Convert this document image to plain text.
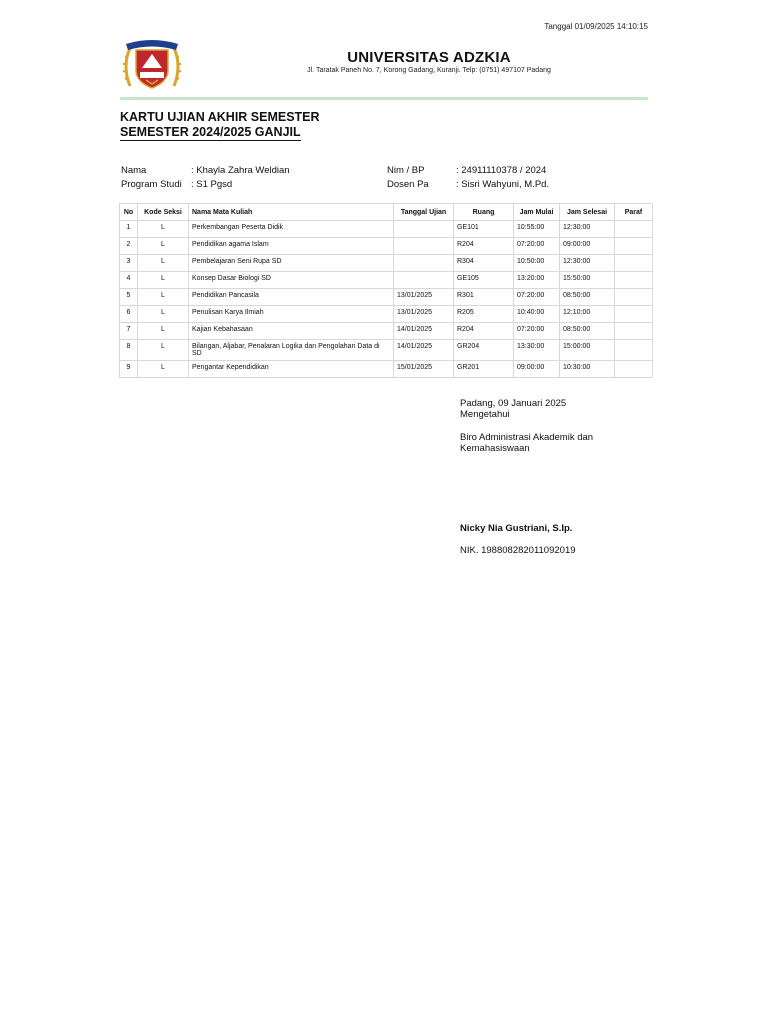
Tanggal 01/09/2025 14:10:15
UNIVERSITAS ADZKIA
Jl. Taratak Paneh No. 7, Korong Gadang, Kuranji. Telp: (0751) 497107 Padang
KARTU UJIAN AKHIR SEMESTER
SEMESTER 2024/2025 GANJIL
Nama	: Khayla Zahra Weldian
Program Studi : S1 Pgsd
Nim / BP	: 24911110378 / 2024
Dosen Pa	: Sisri Wahyuni, M.Pd.
No	Kode Seksi	Nama Mata Kuliah	Tanggal Ujian	Ruang	Jam Mulai	Jam Selesai	Paraf
1	L	Perkembangan Peserta Didik		GE101	10:55:00	12:30:00	
2	L	Pendidikan agama Islam		R204	07:20:00	09:00:00	
3	L	Pembelajaran Seni Rupa SD		R304	10:50:00	12:30:00	
4	L	Konsep Dasar Biologi SD		GE105	13:20:00	15:50:00	
5	L	Pendidikan Pancasila	13/01/2025	R301	07:20:00	08:50:00	
6	L	Penulisan Karya Ilmiah	13/01/2025	R205	10:40:00	12:10:00	
7	L	Kajian Kebahasaan	14/01/2025	R204	07:20:00	08:50:00	
8	L	Bilangan, Aljabar, Penalaran Logika dan Pengolahan Data di SD	14/01/2025	GR204	13:30:00	15:00:00	
9	L	Pengantar Kependidikan	15/01/2025	GR201	09:00:00	10:30:00	
Padang, 09 Januari 2025
Mengetahui
Biro Administrasi Akademik dan
Kemahasiswaan
Nicky Nia Gustriani, S.Ip.
NIK. 198808282011092019
